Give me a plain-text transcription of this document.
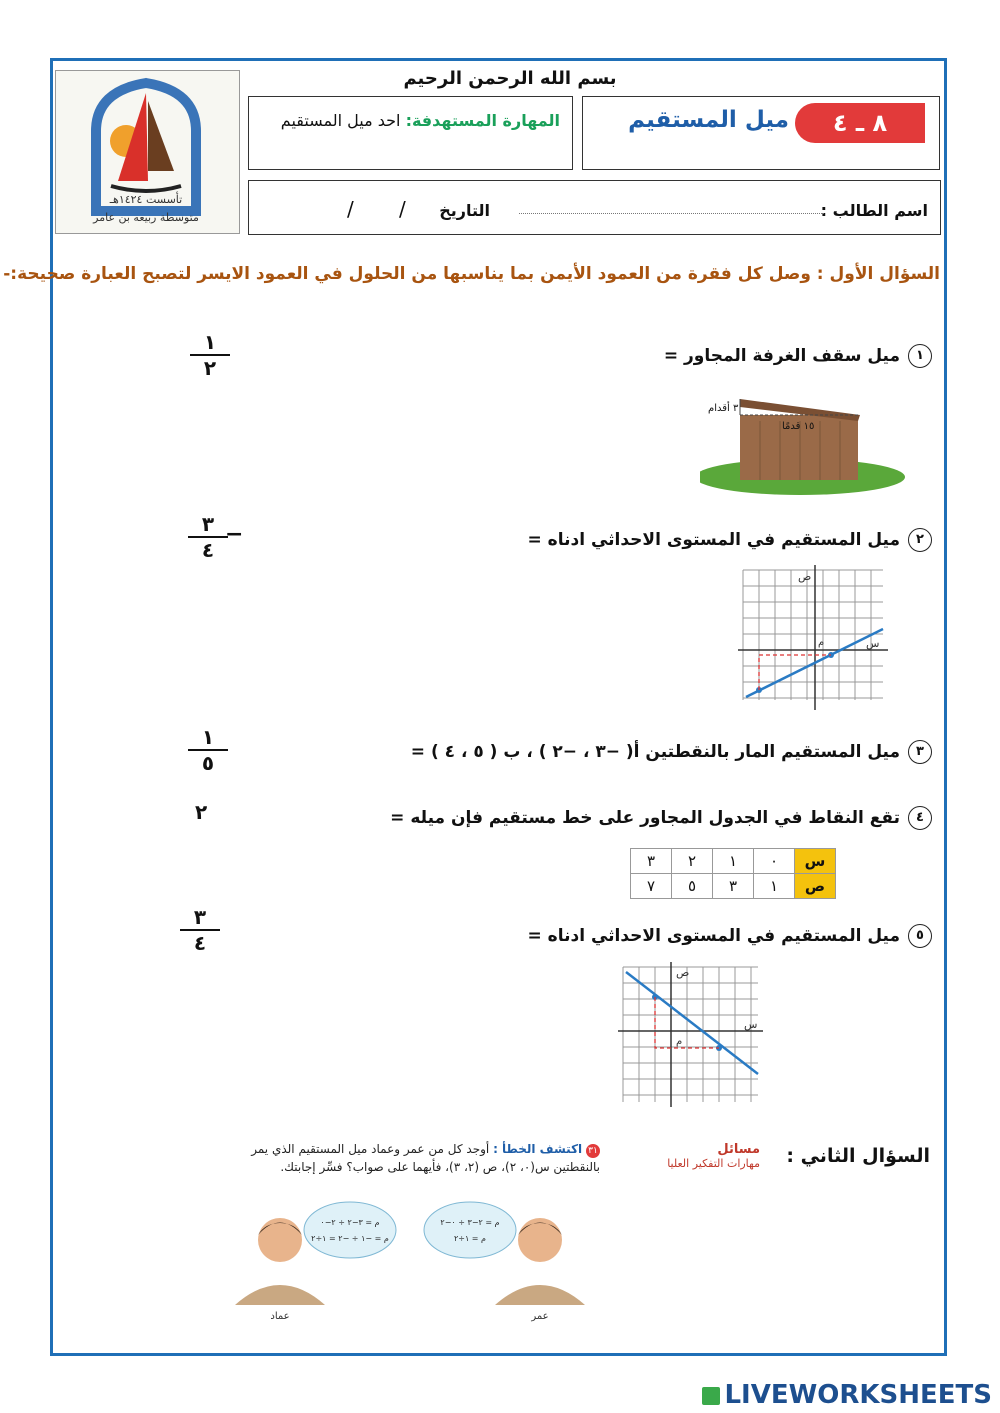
تأسست ١٤٢٤هـ
متوسطة ربيعه بن عامر
بسم الله الرحمن الرحيم
المهارة المستهدفة: احد ميل المستقيم	٨ ـ ٤
ميل المستقيم
اسم الطالب :
التاريخ
/
/
السؤال الأول : وصل كل فقرة من العمود الأيمن بما يناسبها من الحلول في العمود الايسر لتصبح العبارة صحيحة:-
١ميل سقف الغرفة المجاور =
١
٢
٣ أقدام
١٥ قدمًا
٢ميل المستقيم في المستوى الاحداثي ادناه =
−
٣
٤
م	س
ص
٣ميل المستقيم المار بالنقطتين أ( −٣ ، −٢ ) ، ب ( ٥ ، ٤ ) =
١
٥
٤تقع النقاط في الجدول المجاور على خط مستقيم فإن ميله =
٢
س	٠	١	٢	٣
ص	١	٣	٥	٧
٥ميل المستقيم في المستوى الاحداثي ادناه =
٣
٤
م
س
ص
السؤال الثاني :
مسائل
مهارات التفكير العليا
٣١ اكتشف الخطأ : أوجد كل من عمر وعماد ميل المستقيم الذي يمر بالنقطتين س(٠، ٢)، ص (٢، ٣)، فأيهما على صواب؟ فسِّر إجابتك.
م = ٣−٢ ÷ ٢−٠
م = −١ ÷ −٢ = ١÷٢
م = ٢−٣ ÷ ٠−٢
م = ١÷٢
عماد	عمر
LIVEWORKSHEETS
